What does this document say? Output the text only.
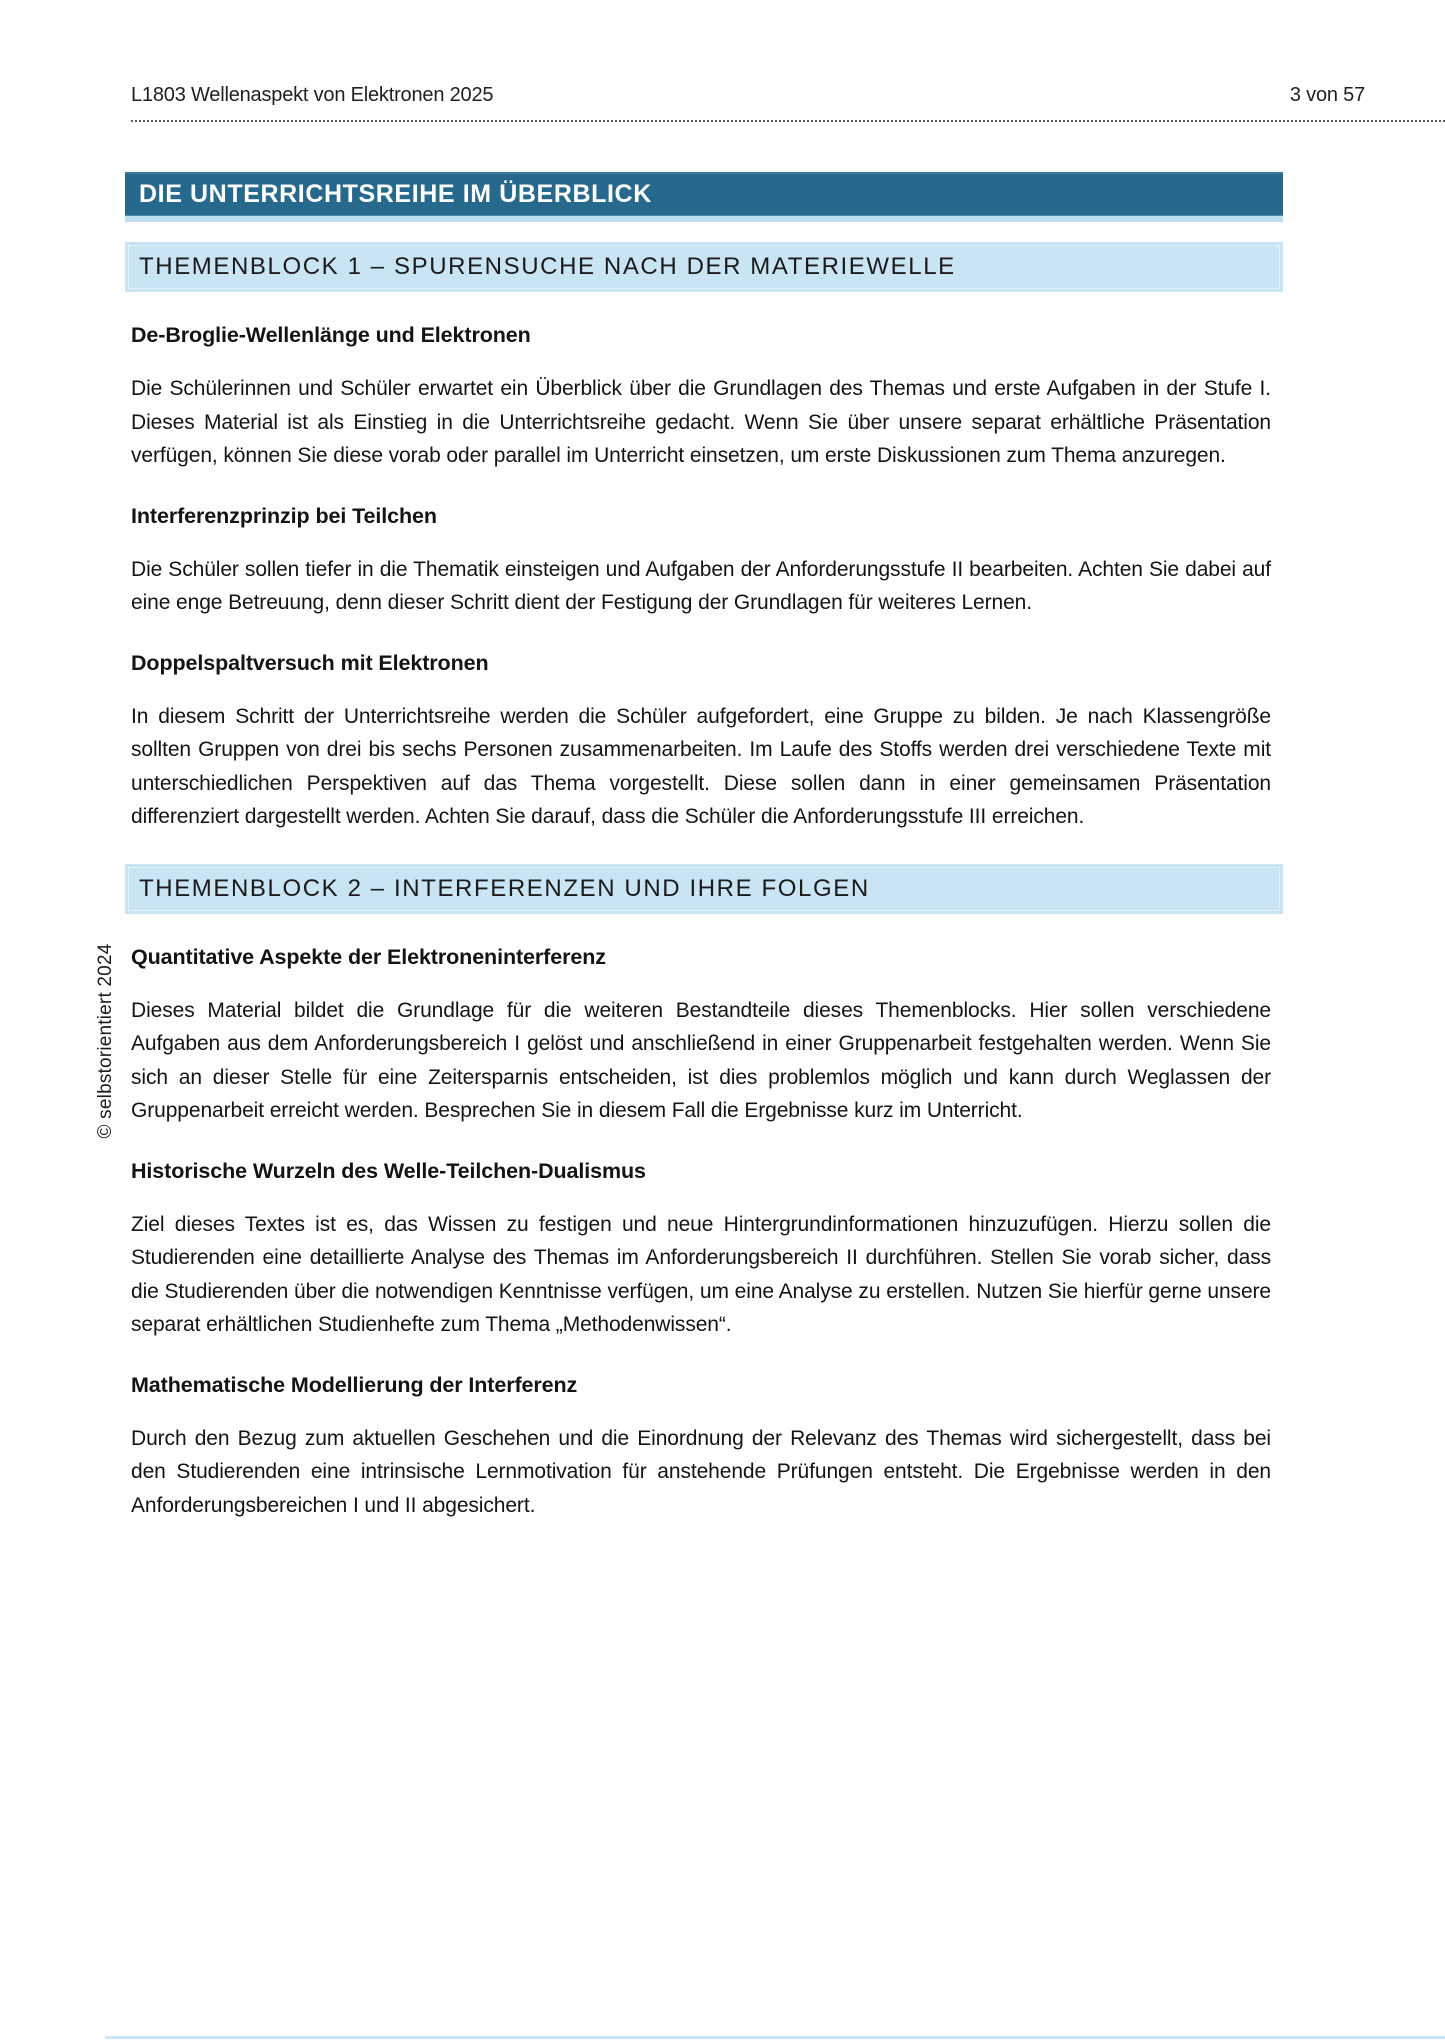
L1803 Wellenaspekt von Elektronen 2025	3 von 57
DIE UNTERRICHTSREIHE IM ÜBERBLICK
THEMENBLOCK 1 – SPURENSUCHE NACH DER MATERIEWELLE
De-Broglie-Wellenlänge und Elektronen

Die Schülerinnen und Schüler erwartet ein Überblick über die Grundlagen des Themas und erste Aufgaben in der Stufe I. Dieses Material ist als Einstieg in die Unterrichtsreihe gedacht. Wenn Sie über unsere separat erhältliche Präsentation verfügen, können Sie diese vorab oder parallel im Unterricht einsetzen, um erste Diskussionen zum Thema anzuregen.

Interferenzprinzip bei Teilchen

Die Schüler sollen tiefer in die Thematik einsteigen und Aufgaben der Anforderungsstufe II bearbeiten. Achten Sie dabei auf eine enge Betreuung, denn dieser Schritt dient der Festigung der Grundlagen für weiteres Lernen.

Doppelspaltversuch mit Elektronen

In diesem Schritt der Unterrichtsreihe werden die Schüler aufgefordert, eine Gruppe zu bilden. Je nach Klassengröße sollten Gruppen von drei bis sechs Personen zusammenarbeiten. Im Laufe des Stoffs werden drei verschiedene Texte mit unterschiedlichen Perspektiven auf das Thema vorgestellt. Diese sollen dann in einer gemeinsamen Präsentation differenziert dargestellt werden. Achten Sie darauf, dass die Schüler die Anforderungsstufe III erreichen.

THEMENBLOCK 2 – INTERFERENZEN UND IHRE FOLGEN
Quantitative Aspekte der Elektroneninterferenz

Dieses Material bildet die Grundlage für die weiteren Bestandteile dieses Themenblocks. Hier sollen verschiedene Aufgaben aus dem Anforderungsbereich I gelöst und anschließend in einer Gruppenarbeit festgehalten werden. Wenn Sie sich an dieser Stelle für eine Zeitersparnis entscheiden, ist dies problemlos möglich und kann durch Weglassen der Gruppenarbeit erreicht werden. Besprechen Sie in diesem Fall die Ergebnisse kurz im Unterricht.

Historische Wurzeln des Welle-Teilchen-Dualismus

Ziel dieses Textes ist es, das Wissen zu festigen und neue Hintergrundinformationen hinzuzufügen. Hierzu sollen die Studierenden eine detaillierte Analyse des Themas im Anforderungsbereich II durchführen. Stellen Sie vorab sicher, dass die Studierenden über die notwendigen Kenntnisse verfügen, um eine Analyse zu erstellen. Nutzen Sie hierfür gerne unsere separat erhältlichen Studienhefte zum Thema „Methodenwissen“.

Mathematische Modellierung der Interferenz

Durch den Bezug zum aktuellen Geschehen und die Einordnung der Relevanz des Themas wird sichergestellt, dass bei den Studierenden eine intrinsische Lernmotivation für anstehende Prüfungen entsteht. Die Ergebnisse werden in den Anforderungsbereichen I und II abgesichert.

© selbstorientiert 2024
